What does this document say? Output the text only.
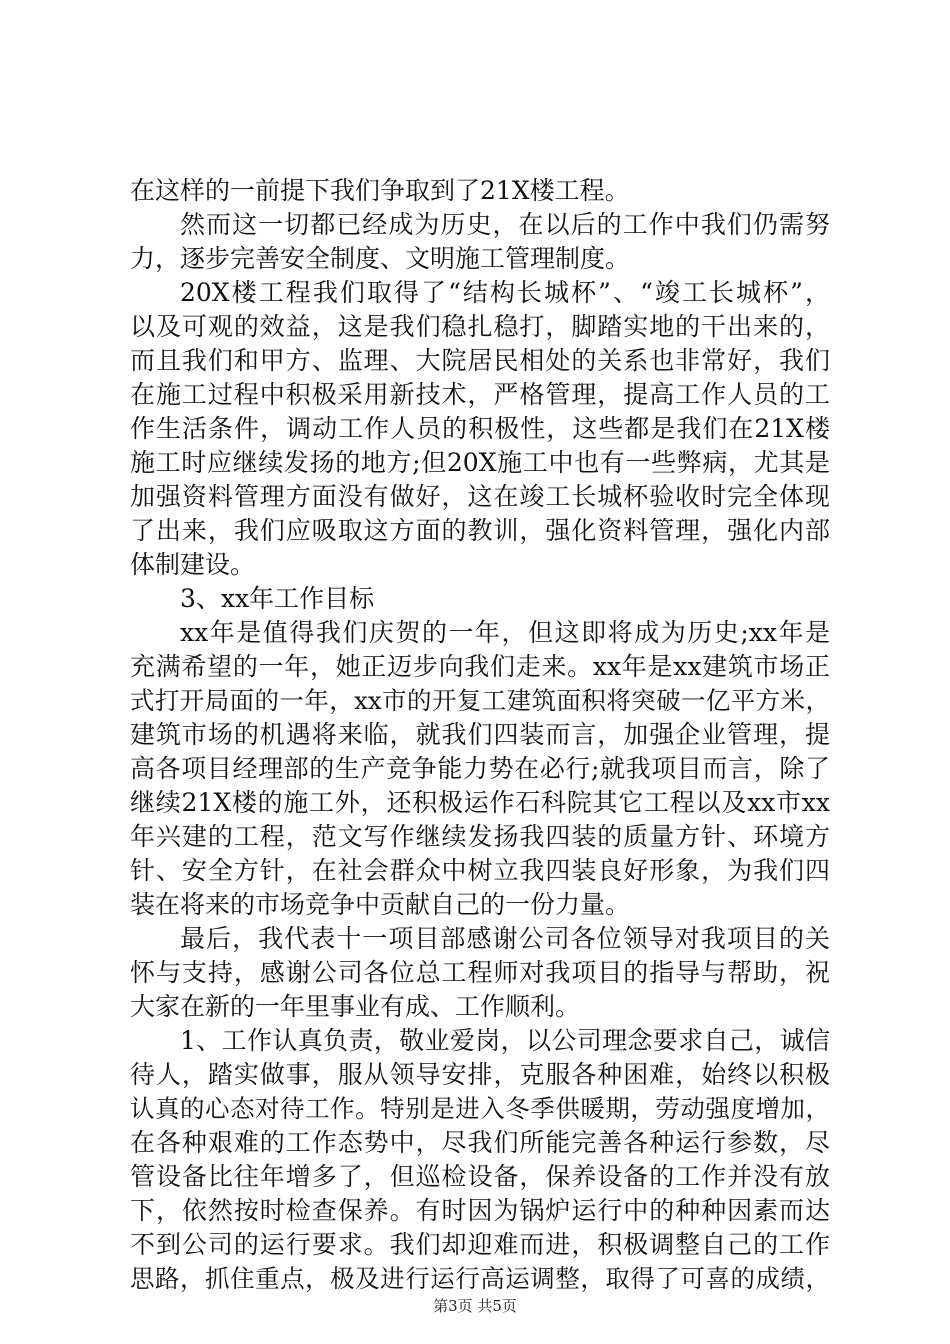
在这样的一前提下我们争取到了21X楼工程。
然而这一切都已经成为历史，在以后的工作中我们仍需努
力，逐步完善安全制度、文明施工管理制度。
20X楼工程我们取得了“结构长城杯”、“竣工长城杯”，
以及可观的效益，这是我们稳扎稳打，脚踏实地的干出来的，
而且我们和甲方、监理、大院居民相处的关系也非常好，我们
在施工过程中积极采用新技术，严格管理，提高工作人员的工
作生活条件，调动工作人员的积极性，这些都是我们在21X楼
施工时应继续发扬的地方;但20X施工中也有一些弊病，尤其是
加强资料管理方面没有做好，这在竣工长城杯验收时完全体现
了出来，我们应吸取这方面的教训，强化资料管理，强化内部
体制建设。
3、xx年工作目标
xx年是值得我们庆贺的一年，但这即将成为历史;xx年是
充满希望的一年，她正迈步向我们走来。xx年是xx建筑市场正
式打开局面的一年，xx市的开复工建筑面积将突破一亿平方米，
建筑市场的机遇将来临，就我们四装而言，加强企业管理，提
高各项目经理部的生产竞争能力势在必行;就我项目而言，除了
继续21X楼的施工外，还积极运作石科院其它工程以及xx市xx
年兴建的工程，范文写作继续发扬我四装的质量方针、环境方
针、安全方针，在社会群众中树立我四装良好形象，为我们四
装在将来的市场竞争中贡献自己的一份力量。
最后，我代表十一项目部感谢公司各位领导对我项目的关
怀与支持，感谢公司各位总工程师对我项目的指导与帮助，祝
大家在新的一年里事业有成、工作顺利。
1、工作认真负责，敬业爱岗，以公司理念要求自己，诚信
待人，踏实做事，服从领导安排，克服各种困难，始终以积极
认真的心态对待工作。特别是进入冬季供暖期，劳动强度增加，
在各种艰难的工作态势中，尽我们所能完善各种运行参数，尽
管设备比往年增多了，但巡检设备，保养设备的工作并没有放
下，依然按时检查保养。有时因为锅炉运行中的种种因素而达
不到公司的运行要求。我们却迎难而进，积极调整自己的工作
思路，抓住重点，极及进行运行高运调整，取得了可喜的成绩，
第3页 共5页
